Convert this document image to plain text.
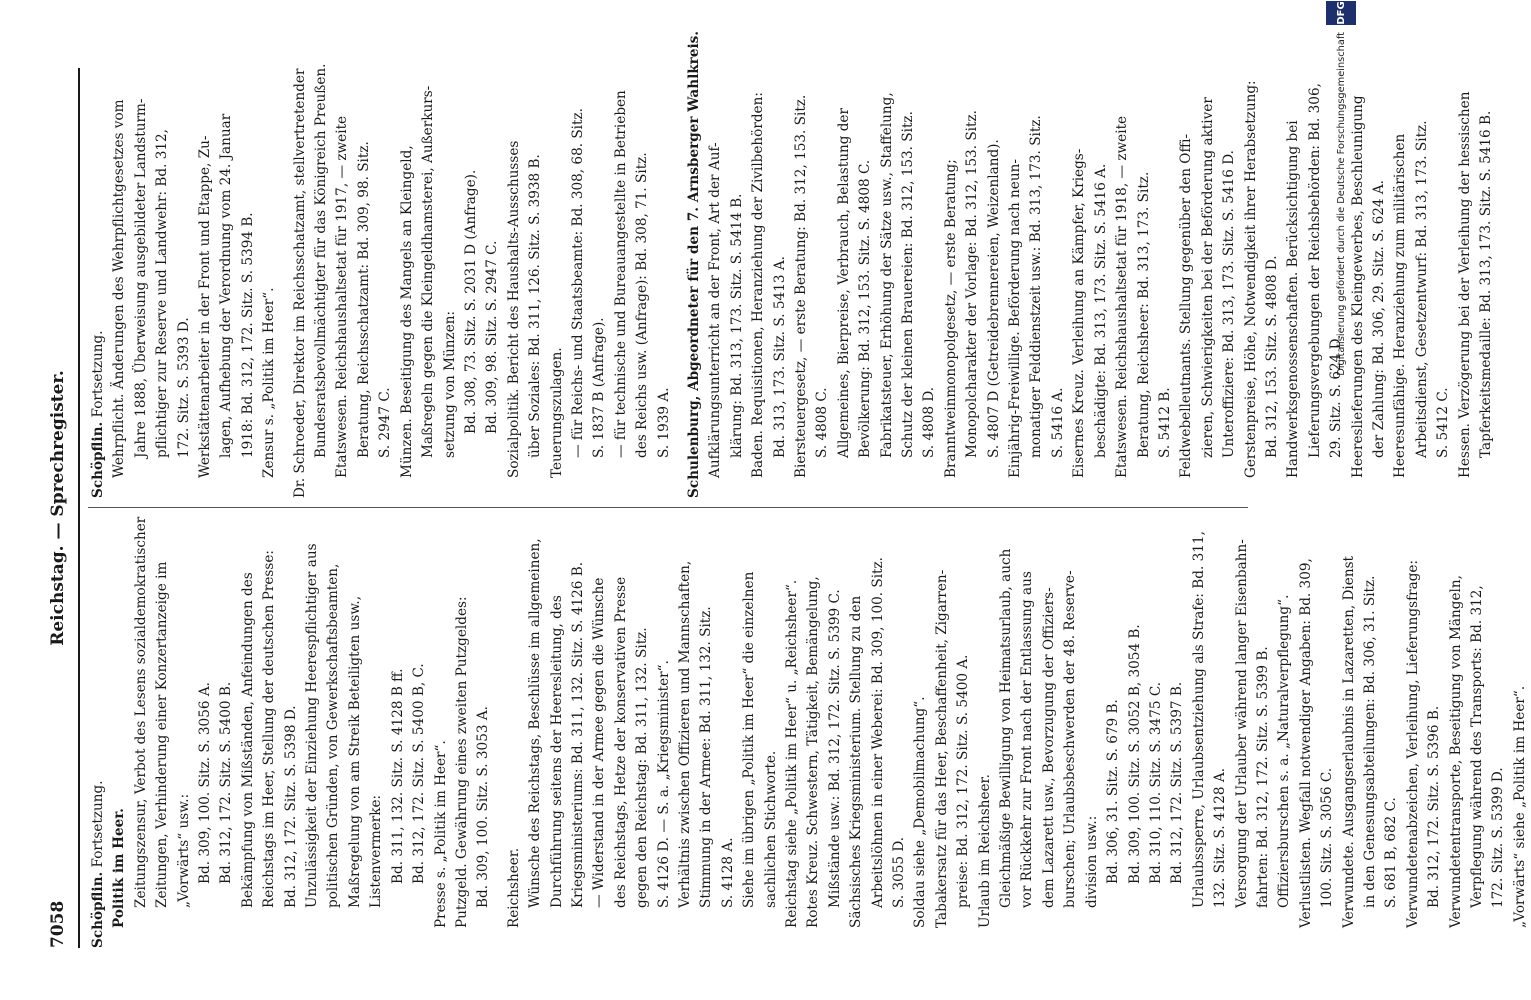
7058
Reichstag. — Sprechregister.
Schöpflin. Fortsetzung. Politik im Heer. Zeitungszensur, Verbot des Lesens sozialdemokratischer Zeitungen, Verhinderung einer Konzertanzeige im „Vorwärts“ usw.: Bd. 309, 100. Sitz. S. 3056 A. Bd. 312, 172. Sitz. S. 5400 B. Bekämpfung von Mißständen, Anfeindungen des Reichstags im Heer, Stellung der deutschen Presse: Bd. 312, 172. Sitz. S. 5398 D. Unzulässigkeit der Einziehung Heerespflichtiger aus politischen Gründen, von Gewerkschaftsbeamten, Maßregelung von am Streik Beteiligten usw., Listenvermerke: Bd. 311, 132. Sitz. S. 4128 B ff. Bd. 312, 172. Sitz. S. 5400 B, C. Presse s. „Politik im Heer“. Putzgeld. Gewährung eines zweiten Putzgeldes: Bd. 309, 100. Sitz. S. 3053 A. Reichsheer. Wünsche des Reichstags, Beschlüsse im allgemeinen, Durchführung seitens der Heeresleitung, des Kriegsministeriums: Bd. 311, 132. Sitz. S. 4126 B. — Widerstand in der Armee gegen die Wünsche des Reichstags, Hetze der konservativen Presse gegen den Reichstag: Bd. 311, 132. Sitz. S. 4126 D. — S. a. „Kriegsminister“. Verhältnis zwischen Offizieren und Mannschaften, Stimmung in der Armee: Bd. 311, 132. Sitz. S. 4128 A. Siehe im übrigen „Politik im Heer“ die einzelnen sachlichen Stichworte. Reichstag siehe „Politik im Heer“ u. „Reichsheer“. Rotes Kreuz. Schwestern, Tätigkeit, Bemängelung, Mißstände usw.: Bd. 312, 172. Sitz. S. 5399 C. Sächsisches Kriegsministerium. Stellung zu den Arbeitslöhnen in einer Weberei: Bd. 309, 100. Sitz. S. 3055 D. Soldau siehe „Demobilmachung“. Tabakersatz für das Heer, Beschaffenheit, Zigarren- preise: Bd. 312, 172. Sitz. S. 5400 A. Urlaub im Reichsheer. Gleichmäßige Bewilligung von Heimatsurlaub, auch vor Rückkehr zur Front nach der Entlassung aus dem Lazarett usw., Bevorzugung der Offiziers- burschen; Urlaubsbeschwerden der 48. Reserve- division usw.: Bd. 306, 31. Sitz. S. 679 B. Bd. 309, 100. Sitz. S. 3052 B, 3054 B. Bd. 310, 110. Sitz. S. 3475 C. Bd. 312, 172. Sitz. S. 5397 B. Urlaubssperre, Urlaubsentziehung als Strafe: Bd. 311, 132. Sitz. S. 4128 A. Versorgung der Urlauber während langer Eisenbahn- fahrten: Bd. 312, 172. Sitz. S. 5399 B. Offiziersburschen s. a. „Naturalverpflegung“. Verlustlisten. Wegfall notwendiger Angaben: Bd. 309, 100. Sitz. S. 3056 C. Verwundete. Ausgangserlaubnis in Lazaretten, Dienst in den Genesungsabteilungen: Bd. 306, 31. Sitz. S. 681 B, 682 C. Verwundetenabzeichen, Verleihung, Lieferungsfrage: Bd. 312, 172. Sitz. S. 5396 B. Verwundetentransporte, Beseitigung von Mängeln, Verpflegung während des Transports: Bd. 312, 172. Sitz. S. 5399 D. „Vorwärts“ siehe „Politik im Heer“.
Schöpflin. Fortsetzung. Wehrpflicht. Änderungen des Wehrpflichtgesetzes vom Jahre 1888, Überweisung ausgebildeter Landsturm- pflichtiger zur Reserve und Landwehr: Bd. 312, 172. Sitz. S. 5393 D. Werkstättenarbeiter in der Front und Etappe, Zu- lagen, Aufhebung der Verordnung vom 24. Januar 1918: Bd. 312, 172. Sitz. S. 5394 B. Zensur s. „Politik im Heer“. Dr. Schroeder, Direktor im Reichsschatzamt, stellvertretender Bundesratsbevollmächtigter für das Königreich Preußen. Etatswesen. Reichshaushaltsetat für 1917, — zweite Beratung, Reichsschatzamt: Bd. 309, 98. Sitz. S. 2947 C. Münzen. Beseitigung des Mangels an Kleingeld, Maßregeln gegen die Kleingeldhamsterei, Außerkurs- setzung von Münzen: Bd. 308, 73. Sitz. S. 2031 D (Anfrage). Bd. 309, 98. Sitz. S. 2947 C. Sozialpolitik. Bericht des Haushalts-Ausschusses über Soziales: Bd. 311, 126. Sitz. S. 3938 B. Teuerungszulagen. — für Reichs- und Staatsbeamte: Bd. 308, 68. Sitz. S. 1837 B (Anfrage). — für technische und Bureauangestellte in Betrieben des Reichs usw. (Anfrage): Bd. 308, 71. Sitz. S. 1939 A. Schulenburg, Abgeordneter für den 7. Arnsberger Wahlkreis. Aufklärungsunterricht an der Front, Art der Auf- klärung: Bd. 313, 173. Sitz. S. 5414 B. Baden. Requisitionen, Heranziehung der Zivilbehörden: Bd. 313, 173. Sitz. S. 5413 A. Biersteuergesetz, — erste Beratung: Bd. 312, 153. Sitz. S. 4808 C. Allgemeines, Bierpreise, Verbrauch, Belastung der Bevölkerung: Bd. 312, 153. Sitz. S. 4808 C. Fabrikatsteuer, Erhöhung der Sätze usw., Staffelung, Schutz der kleinen Brauereien: Bd. 312, 153. Sitz. S. 4808 D. Branntweinmonopolgesetz, — erste Beratung; Monopolcharakter der Vorlage: Bd. 312, 153. Sitz. S. 4807 D (Getreidebrennereien, Weizenland). Einjährig-Freiwillige. Beförderung nach neun- monatiger Felddienstzeit usw.: Bd. 313, 173. Sitz. S. 5416 A. Eisernes Kreuz. Verleihung an Kämpfer, Kriegs- beschädigte: Bd. 313, 173. Sitz. S. 5416 A. Etatswesen. Reichshaushaltsetat für 1918, — zweite Beratung, Reichsheer: Bd. 313, 173. Sitz. S. 5412 B. Feldwebelleutnants. Stellung gegenüber den Offi- zieren, Schwierigkeiten bei der Beförderung aktiver Unteroffiziere: Bd. 313, 173. Sitz. S. 5416 D. Gerstenpreise, Höhe, Notwendigkeit ihrer Herabsetzung: Bd. 312, 153. Sitz. S. 4808 D. Handwerksgenossenschaften. Berücksichtigung bei Lieferungsvergebungen der Reichsbehörden: Bd. 306, 29. Sitz. S. 624 D. Heereslieferungen des Kleingewerbes, Beschleunigung der Zahlung: Bd. 306, 29. Sitz. S. 624 A. Heeresunfähige. Heranziehung zum militärischen Arbeitsdienst, Gesetzentwurf: Bd. 313, 173. Sitz. S. 5412 C. Hessen. Verzögerung bei der Verleihung der hessischen Tapferkeitsmedaille: Bd. 313, 173. Sitz. S. 5416 B.
Digitalisierung gefördert durch die Deutsche Forschungsgemeinschaft
DFG
